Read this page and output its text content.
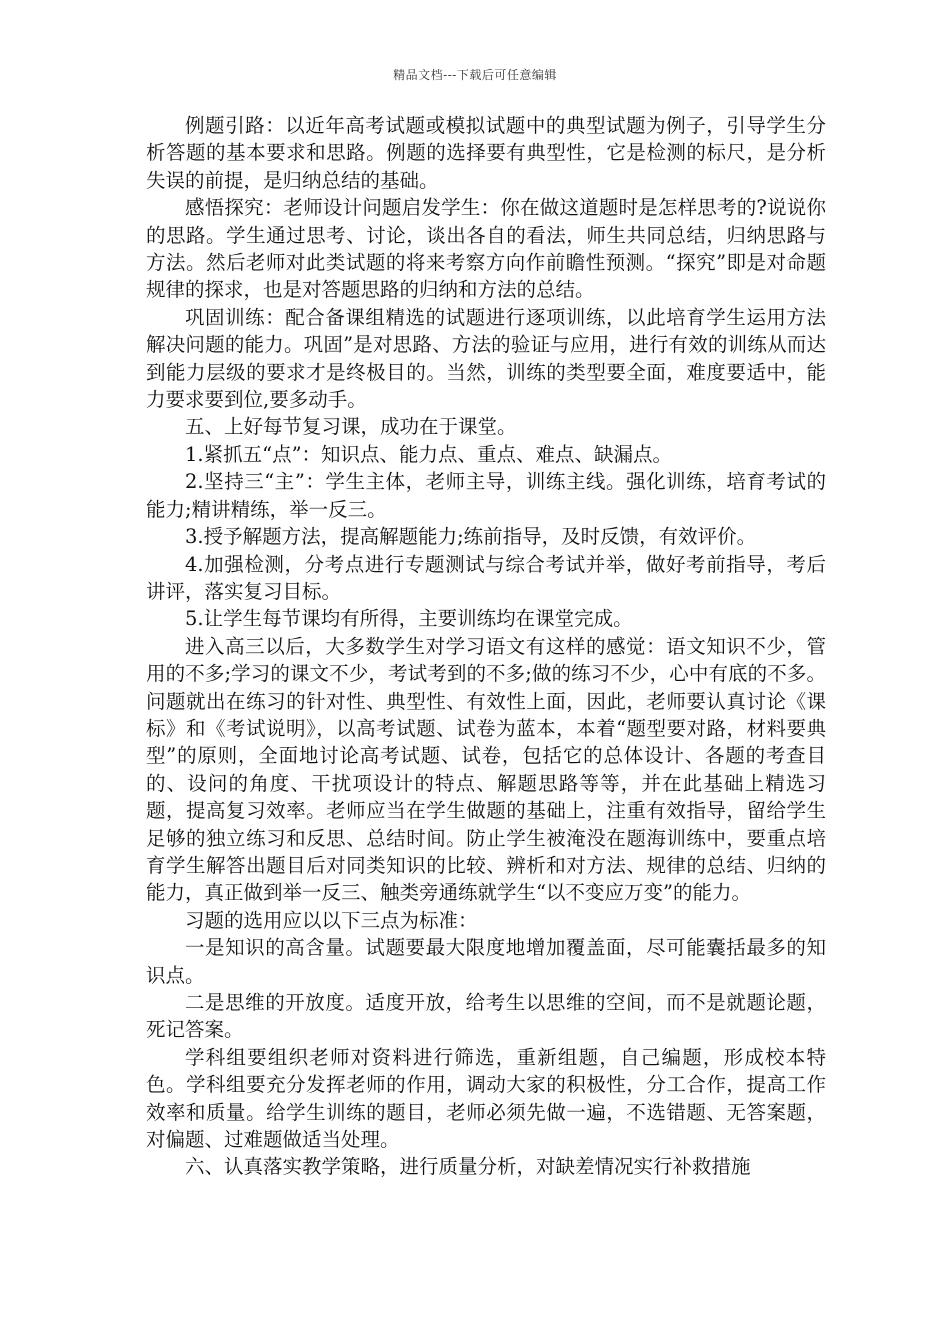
精品文档---下载后可任意编辑

例题引路：以近年高考试题或模拟试题中的典型试题为例子，引导学生分析答题的基本要求和思路。例题的选择要有典型性，它是检测的标尺，是分析失误的前提，是归纳总结的基础。

感悟探究：老师设计问题启发学生：你在做这道题时是怎样思考的?说说你的思路。学生通过思考、讨论，谈出各自的看法，师生共同总结，归纳思路与方法。然后老师对此类试题的将来考察方向作前瞻性预测。“探究”即是对命题规律的探求，也是对答题思路的归纳和方法的总结。

巩固训练：配合备课组精选的试题进行逐项训练，以此培育学生运用方法解决问题的能力。巩固”是对思路、方法的验证与应用，进行有效的训练从而达到能力层级的要求才是终极目的。当然，训练的类型要全面，难度要适中，能力要求要到位,要多动手。

五、上好每节复习课，成功在于课堂。

1.紧抓五“点”：知识点、能力点、重点、难点、缺漏点。

2.坚持三“主”：学生主体，老师主导，训练主线。强化训练，培育考试的能力;精讲精练，举一反三。

3.授予解题方法，提高解题能力;练前指导，及时反馈，有效评价。

4.加强检测，分考点进行专题测试与综合考试并举，做好考前指导，考后讲评，落实复习目标。

5.让学生每节课均有所得，主要训练均在课堂完成。

进入高三以后，大多数学生对学习语文有这样的感觉：语文知识不少，管用的不多;学习的课文不少，考试考到的不多;做的练习不少，心中有底的不多。问题就出在练习的针对性、典型性、有效性上面，因此，老师要认真讨论《课标》和《考试说明》，以高考试题、试卷为蓝本，本着“题型要对路，材料要典型”的原则，全面地讨论高考试题、试卷，包括它的总体设计、各题的考查目的、设问的角度、干扰项设计的特点、解题思路等等，并在此基础上精选习题，提高复习效率。老师应当在学生做题的基础上，注重有效指导，留给学生足够的独立练习和反思、总结时间。防止学生被淹没在题海训练中，要重点培育学生解答出题目后对同类知识的比较、辨析和对方法、规律的总结、归纳的能力，真正做到举一反三、触类旁通练就学生“以不变应万变”的能力。

习题的选用应以以下三点为标准：

一是知识的高含量。试题要最大限度地增加覆盖面，尽可能囊括最多的知识点。

二是思维的开放度。适度开放，给考生以思维的空间，而不是就题论题，死记答案。

学科组要组织老师对资料进行筛选，重新组题，自己编题，形成校本特色。学科组要充分发挥老师的作用，调动大家的积极性，分工合作，提高工作效率和质量。给学生训练的题目，老师必须先做一遍，不选错题、无答案题，对偏题、过难题做适当处理。

六、认真落实教学策略，进行质量分析，对缺差情况实行补救措施
